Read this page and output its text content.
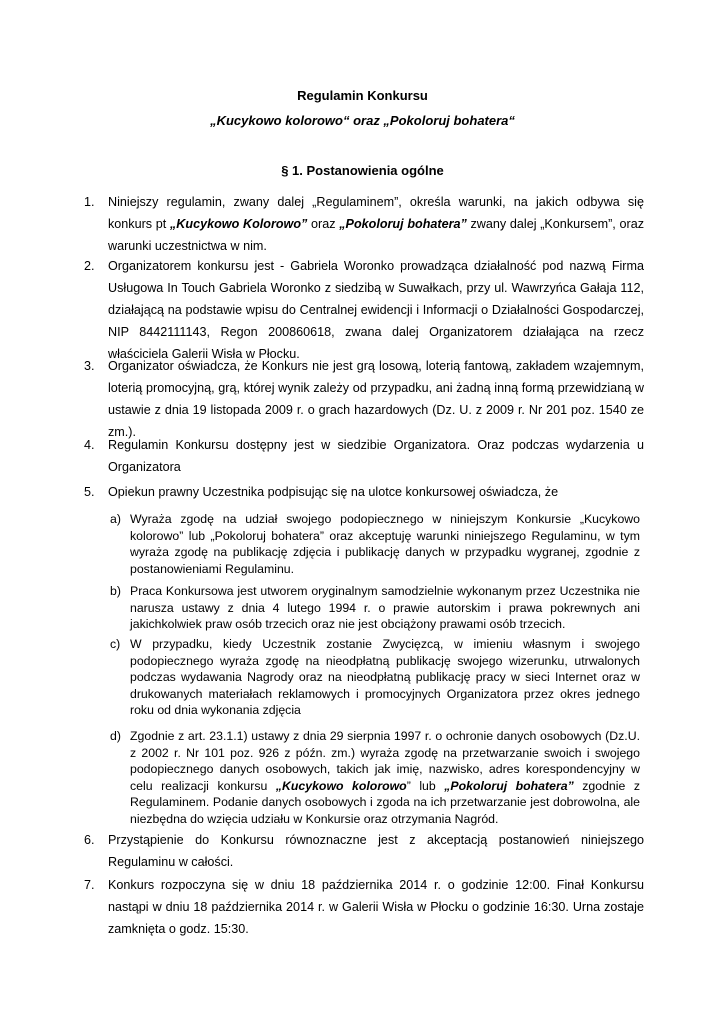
Regulamin Konkursu
„Kucykowo kolorowo“ oraz „Pokoloruj bohatera“
§ 1. Postanowienia ogólne
1. Niniejszy regulamin, zwany dalej „Regulaminem”, określa warunki, na jakich odbywa się konkurs pt „Kucykowo Kolorowo” oraz „Pokoloruj bohatera” zwany dalej „Konkursem”, oraz warunki uczestnictwa w nim.
2. Organizatorem konkursu jest - Gabriela Woronko prowadząca działalność pod nazwą Firma Usługowa In Touch Gabriela Woronko z siedzibą w Suwałkach, przy ul. Wawrzyńca Gałaja 112, działającą na podstawie wpisu do Centralnej ewidencji i Informacji o Działalności Gospodarczej, NIP 8442111143, Regon 200860618, zwana dalej Organizatorem działająca na rzecz właściciela Galerii Wisła w Płocku.
3. Organizator oświadcza, że Konkurs nie jest grą losową, loterią fantową, zakładem wzajemnym, loterią promocyjną, grą, której wynik zależy od przypadku, ani żadną inną formą przewidzianą w ustawie z dnia 19 listopada 2009 r. o grach hazardowych (Dz. U. z 2009 r. Nr 201 poz. 1540 ze zm.).
4. Regulamin Konkursu dostępny jest w siedzibie Organizatora. Oraz podczas wydarzenia u Organizatora
5. Opiekun prawny Uczestnika podpisując się na ulotce konkursowej oświadcza, że
a) Wyraża zgodę na udział swojego podopiecznego w niniejszym Konkursie „Kucykowo kolorowo” lub „Pokoloruj bohatera” oraz akceptuję warunki niniejszego Regulaminu, w tym wyraża zgodę na publikację zdjęcia i publikację danych w przypadku wygranej, zgodnie z postanowieniami Regulaminu.
b) Praca Konkursowa jest utworem oryginalnym samodzielnie wykonanym przez Uczestnika nie narusza ustawy z dnia 4 lutego 1994 r. o prawie autorskim i prawa pokrewnych ani jakichkolwiek praw osób trzecich oraz nie jest obciążony prawami osób trzecich.
c) W przypadku, kiedy Uczestnik zostanie Zwycięzcą, w imieniu własnym i swojego podopiecznego wyraża zgodę na nieodpłatną publikację swojego wizerunku, utrwalonych podczas wydawania Nagrody oraz na nieodpłatną publikację pracy w sieci Internet oraz w drukowanych materiałach reklamowych i promocyjnych Organizatora przez okres jednego roku od dnia wykonania zdjęcia
d) Zgodnie z art. 23.1.1) ustawy z dnia 29 sierpnia 1997 r. o ochronie danych osobowych (Dz.U. z 2002 r. Nr 101 poz. 926 z późn. zm.) wyraża zgodę na przetwarzanie swoich i swojego podopiecznego danych osobowych, takich jak imię, nazwisko, adres korespondencyjny w celu realizacji konkursu „Kucykowo kolorowo” lub „Pokoloruj bohatera” zgodnie z Regulaminem. Podanie danych osobowych i zgoda na ich przetwarzanie jest dobrowolna, ale niezbędna do wzięcia udziału w Konkursie oraz otrzymania Nagród.
6. Przystąpienie do Konkursu równoznaczne jest z akceptacją postanowień niniejszego Regulaminu w całości.
7. Konkurs rozpoczyna się w dniu 18 października 2014 r. o godzinie 12:00. Finał Konkursu nastąpi w dniu 18 października 2014 r. w Galerii Wisła w Płocku o godzinie 16:30. Urna zostaje zamknięta o godz. 15:30.
